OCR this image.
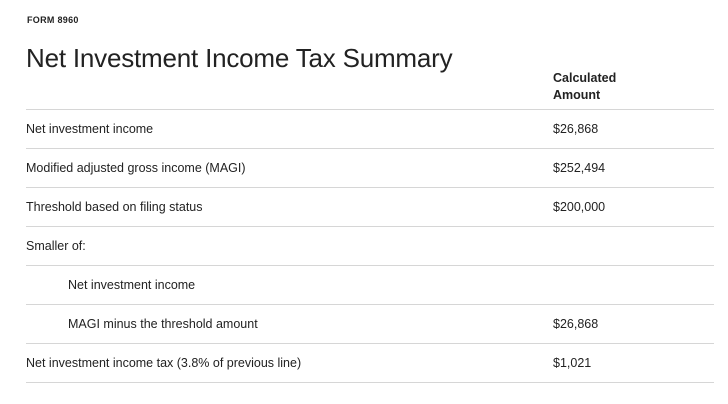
FORM 8960
Net Investment Income Tax Summary
Calculated
Amount
Net investment income	$26,868
Modified adjusted gross income (MAGI)	$252,494
Threshold based on filing status	$200,000
Smaller of:
Net investment income
MAGI minus the threshold amount	$26,868
Net investment income tax (3.8% of previous line)	$1,021
